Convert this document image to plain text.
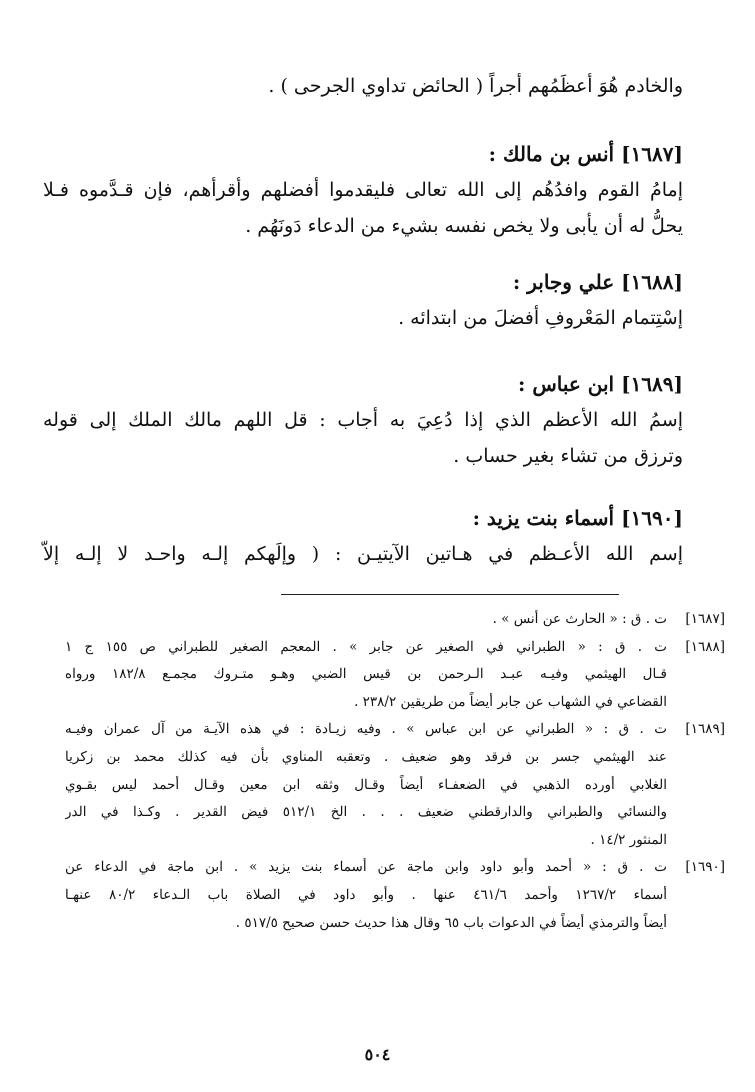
والخادم هُوَ أعظَمُهم أجراً ( الحائض تداوي الجرحى ) .
[١٦٨٧] أنس بن مالك :
إمامُ القوم وافدُهُم إلى الله تعالى فليقدموا أفضلهم وأقرأهم، فإن قـدَّموه فـلا
يحلُّ له أن يأبى ولا يخص نفسه بشيء من الدعاء دَونَهُم .
[١٦٨٨] علي وجابر :
إسْتِتمام المَعْروفِ أفضلَ من ابتدائه .
[١٦٨٩] ابن عباس :
إسمُ الله الأعظم الذي إذا دُعِيَ به أجاب : قل اللهم مالك الملك إلى قوله
وترزق من تشاء بغير حساب .
[١٦٩٠] أسماء بنت يزيد :
إسم الله الأعـظم في هـاتين الآيتيـن : ( وإلَهكم إلـه واحـد لا إلـه إلاّ
[١٦٨٧]
ت . ق : « الحارث عن أنس » .
[١٦٨٨]
ت . ق : « الطبراني في الصغير عن جابر » . المعجم الصغير للطبراني ص ١٥٥ ج ١
قـال الهيثمي وفيـه عبـد الـرحمن بن قيس الضبي وهـو متـروك مجمـع ١٨٢/٨ ورواه
القضاعي في الشهاب عن جابر أيضاً من طريقين ٢٣٨/٢ .
[١٦٨٩]
ت . ق : « الطبراني عن ابن عباس » . وفيه زيـادة : في هذه الآيـة من آل عمران وفيـه
عند الهيثمي جسر بن فرقد وهو ضعيف . وتعقبه المناوي بأن فيه كذلك محمد بن زكريا
الغلابي أورده الذهبي في الضعفـاء أيضاً وقـال وثقه ابن معين وقـال أحمد ليس بقـوي
والنسائي والطبراني والدارقطني ضعيف . . . الخ ٥١٢/١ فيض القدير . وكـذا في الدر
المنثور ١٤/٢ .
[١٦٩٠]
ت . ق : « أحمد وأبو داود وابن ماجة عن أسماء بنت يزيد » . ابن ماجة في الدعاء عن
أسماء ١٢٦٧/٢ وأحمد ٤٦١/٦ عنها . وأبو داود في الصلاة باب الـدعاء ٨٠/٢ عنهـا
أيضاً والترمذي أيضاً في الدعوات باب ٦٥ وقال هذا حديث حسن صحيح ٥١٧/٥ .
٥٠٤
